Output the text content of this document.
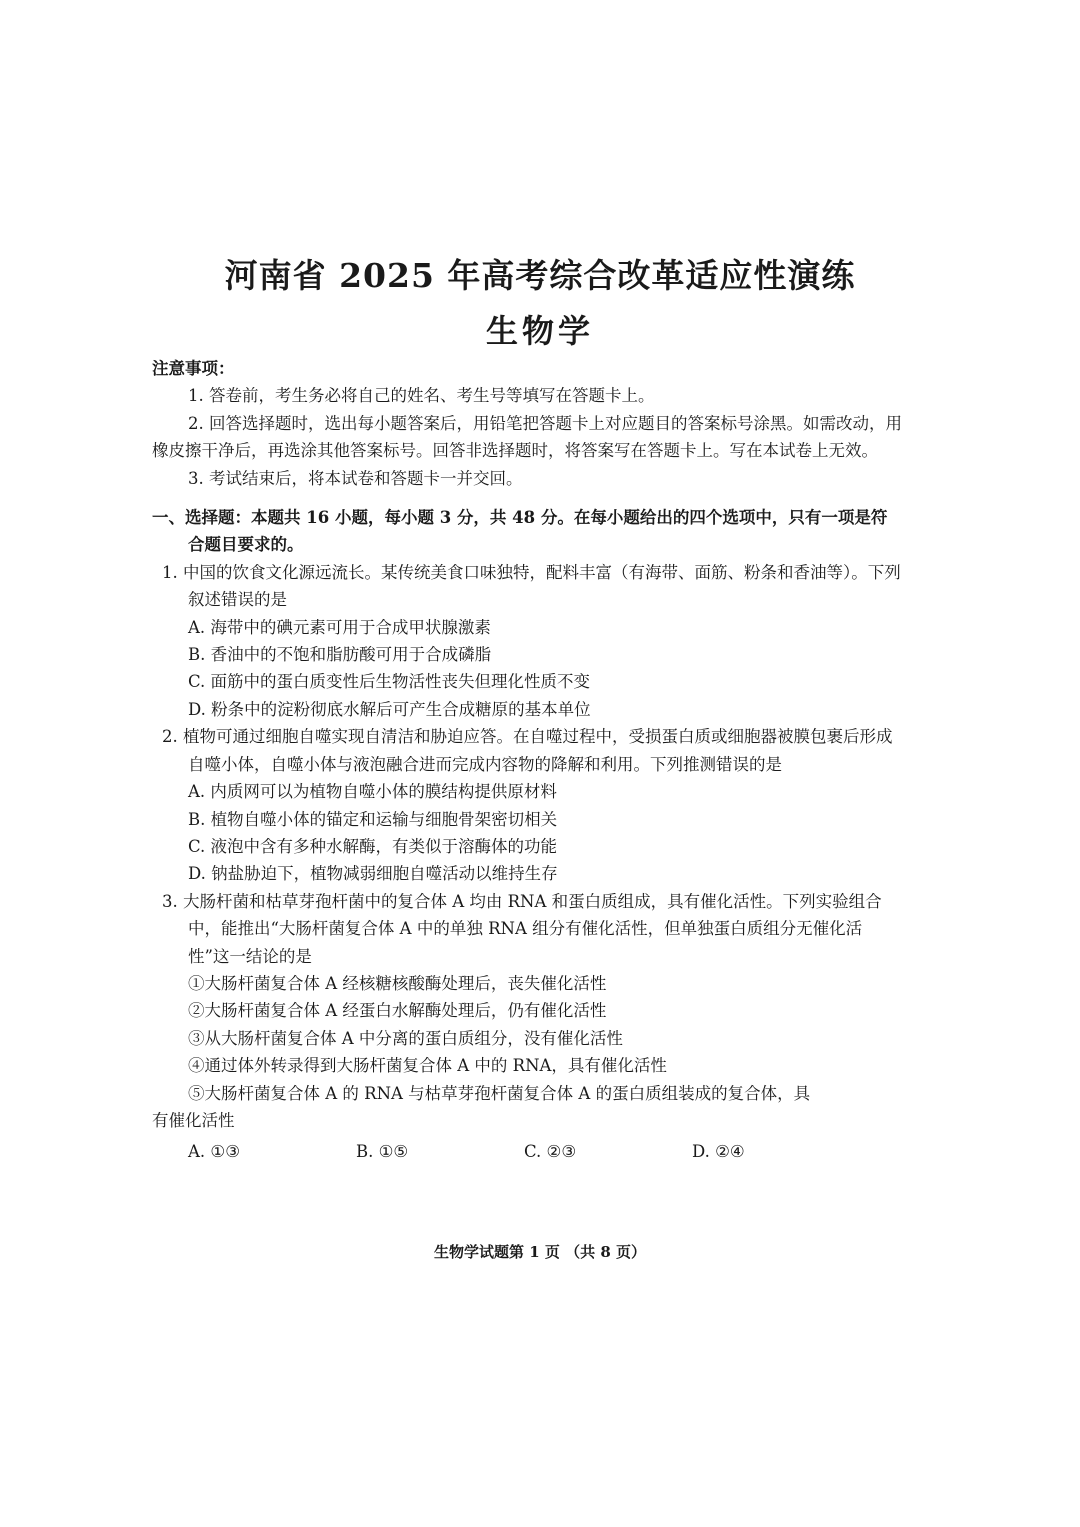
河南省 2025 年高考综合改革适应性演练
生物学

注意事项：

1. 答卷前，考生务必将自己的姓名、考生号等填写在答题卡上。

2. 回答选择题时，选出每小题答案后，用铅笔把答题卡上对应题目的答案标号涂黑。如需改动，用橡皮擦干净后，再选涂其他答案标号。回答非选择题时，将答案写在答题卡上。写在本试卷上无效。

3. 考试结束后，将本试卷和答题卡一并交回。

一、选择题：本题共 16 小题，每小题 3 分，共 48 分。在每小题给出的四个选项中，只有一项是符合题目要求的。

1. 中国的饮食文化源远流长。某传统美食口味独特，配料丰富（有海带、面筋、粉条和香油等）。下列叙述错误的是

A. 海带中的碘元素可用于合成甲状腺激素

B. 香油中的不饱和脂肪酸可用于合成磷脂

C. 面筋中的蛋白质变性后生物活性丧失但理化性质不变

D. 粉条中的淀粉彻底水解后可产生合成糖原的基本单位

2. 植物可通过细胞自噬实现自清洁和胁迫应答。在自噬过程中，受损蛋白质或细胞器被膜包裹后形成自噬小体，自噬小体与液泡融合进而完成内容物的降解和利用。下列推测错误的是

A. 内质网可以为植物自噬小体的膜结构提供原材料

B. 植物自噬小体的锚定和运输与细胞骨架密切相关

C. 液泡中含有多种水解酶，有类似于溶酶体的功能

D. 钠盐胁迫下，植物减弱细胞自噬活动以维持生存

3. 大肠杆菌和枯草芽孢杆菌中的复合体 A 均由 RNA 和蛋白质组成，具有催化活性。下列实验组合中，能推出“大肠杆菌复合体 A 中的单独 RNA 组分有催化活性，但单独蛋白质组分无催化活性”这一结论的是

①大肠杆菌复合体 A 经核糖核酸酶处理后，丧失催化活性

②大肠杆菌复合体 A 经蛋白水解酶处理后，仍有催化活性

③从大肠杆菌复合体 A 中分离的蛋白质组分，没有催化活性

④通过体外转录得到大肠杆菌复合体 A 中的 RNA，具有催化活性

⑤大肠杆菌复合体 A 的 RNA 与枯草芽孢杆菌复合体 A 的蛋白质组装成的复合体，具
有催化活性

A. ①③	B. ①⑤	C. ②③	D. ②④
生物学试题第 1 页 （共 8 页）
